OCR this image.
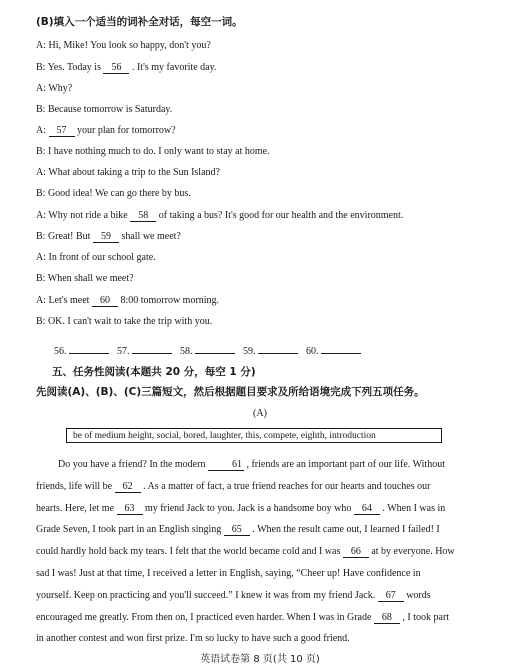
(B)填入一个适当的词补全对话，每空一词。
A: Hi, Mike! You look so happy, don't you?
B: Yes. Today is 56 . It's my favorite day.
A: Why?
B: Because tomorrow is Saturday.
A: 57 your plan for tomorrow?
B: I have nothing much to do. I only want to stay at home.
A: What about taking a trip to the Sun Island?
B: Good idea! We can go there by bus.
A: Why not ride a bike 58 of taking a bus? It's good for our health and the environment.
B: Great! But 59 shall we meet?
A: In front of our school gate.
B: When shall we meet?
A: Let's meet 60 8:00 tomorrow morning.
B: OK. I can't wait to take the trip with you.
56.	57.	58.	59.	60.
五、任务性阅读(本题共 20 分，每空 1 分)
先阅读(A)、(B)、(C)三篇短文，然后根据题目要求及所给语境完成下列五项任务。
(A)
be of medium height, social, bored, laughter, this, compete, eighth, introduction
Do you have a friend? In the modern	61 , friends are an important part of our life. Without
friends, life will be 62 . As a matter of fact, a true friend reaches for our hearts and touches our
hearts. Here, let me 63 my friend Jack to you. Jack is a handsome boy who 64 . When I was in
Grade Seven, I took part in an English singing 65 . When the result came out, I learned I failed! I
could hardly hold back my tears. I felt that the world became cold and I was 66 at by everyone. How
sad I was! Just at that time, I received a letter in English, saying, “Cheer up! Have confidence in
yourself. Keep on practicing and you'll succeed.” I knew it was from my friend Jack. 67 words
encouraged me greatly. From then on, I practiced even harder. When I was in Grade 68 , I took part
in another contest and won first prize. I'm so lucky to have such a good friend.
英语试卷第 8 页(共 10 页)
